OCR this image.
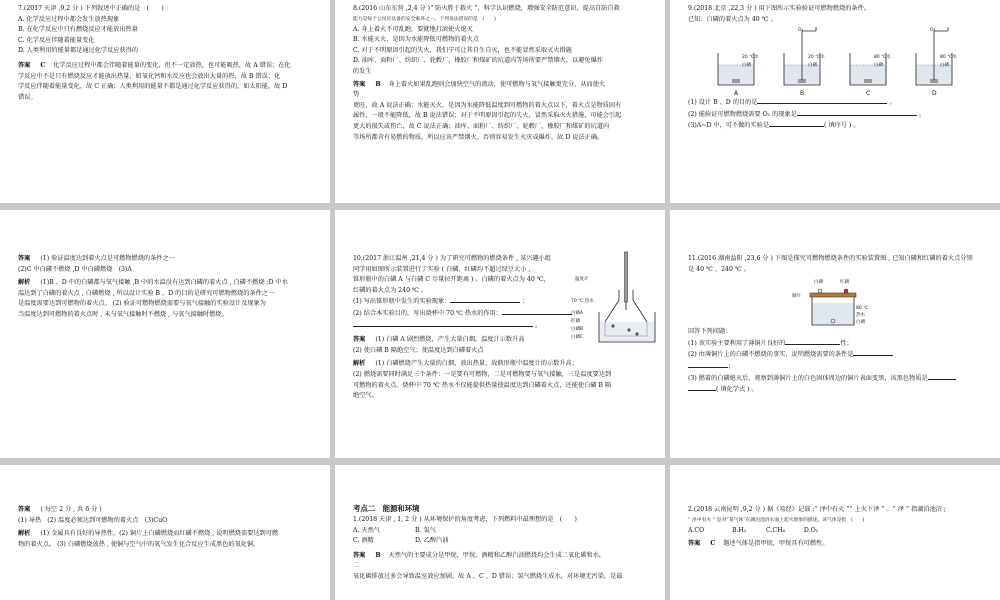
7.(2017 天津 ,9,2 分 ) 下列叙述中正确的是　(　　)

A. 化学反应过程中都会发生放热现象

B. 在化学反应中只有燃烧反应才能放出热量

C. 化学反应伴随着能量变化

D. 人类利用的能量都是通过化学反应获得的

答案 C 化学反应过程中都会伴随着能量的变化，但不一定放热，也可能吸热，故 A 错误；在化

学反应中不是只有燃烧反应才能放出热量，如氧化钙和水反应也会放出大量的热，故 B 错误；化

学反应伴随着能量变化，故 C 正确；人类利用的能量不都是通过化学反应获得的，如太阳能，故 D

错误。

8.(2016 山东东营 ,2,4 分 )“ 防火胜于救火 ”，科学认识燃烧，增强安全防范意识，提高自防自救

能力是每个公民应具备的安全素养之一。下列说法错误的是　(　　)

A. 身上着火不可乱跑，要就地打滚使火熄灭

B. 水能灭火，是因为水能降低可燃物的着火点

C. 对于不明原因引起的失火，我们宁可让其自生自灭，也不能冒然采取灭火措施

D. 油库、面粉厂、纺织厂、轮毂厂、橡胶厂和煤矿的坑道内等场所要严禁烟火，以避免爆炸

的发生

答案 B 身上着火如果乱跑则会加快空气的流动，使可燃物与氧气接触更充分，从而使火

势

更旺，故 A 说法正确；水能灭火，是因为水能降低温度到可燃物的着火点以下，着火点是物质固有

属性，一般不能降低，故 B 说法错误；对于不明原因引起的失火，冒然采取灭火措施，可能会引起

更大的损失或伤亡，故 C 说法正确；油库、面粉厂、纺织厂、轮毂厂、橡胶厂和煤矿的坑道内

等场所都含有易燃的物质，所以应该严禁烟火，否则容易发生火灾或爆炸，故 D 说法正确。

9.(2018 北京 ,22,3 分 ) 用下图所示实验验证可燃物燃烧的条件。

已知：白磷的着火点为 40 ℃ 。

20 ℃水
白磷
A
O₂
20 ℃水
白磷
B
80 ℃水
白磷
C
O₂
80 ℃水
白磷
D

(1) 设计 B 、D 的目的是	。

(2) 能验证可燃物燃烧需要 O₂ 的现象是	。

(3)A~D 中，可不做的实验是	( 填序号 ) 。

答案 (1) 验证温度达到着火点是可燃物燃烧的条件之一

(2)C 中白磷不燃烧 ,D 中白磷燃烧　(3)A

解析 (1)B 、D 中的白磷都与氧气接触 ,B 中的水温没有达到白磷的着火点 , 白磷不燃烧 ;D 中水

温达到了白磷的着火点 , 白磷燃烧 , 所以设计实验 B 、D 的目的是研究可燃物燃烧的条件之一

是温度需要达到可燃物的着火点。 (2) 验证可燃物燃烧需要与氧气接触的实验设计及现象为

当温度达到可燃物的着火点时 , 未与氧气接触时不燃烧 , 与氧气接触时燃烧。

10.(2017 浙江温州 ,21,4 分 ) 为了研究可燃物的燃烧条件 , 某兴趣小组

同学用如图所示装置进行了实验 ( 白磷、红磷均不超过绿豆大小 ,

锥形瓶中的白磷 A 与白磷 C 尽量拉开距离 ) 。白磷的着火点为 40 ℃,

红磷的着火点为 240 ℃ 。

(1) 写出锥形瓶中发生的实验现象：	；

(2) 结合本实验目的，写出烧杯中 70 ℃ 热水的作用：

。

温度计
70 ℃ 热水
白磷A
红磷
白磷B
白磷C

答案 (1) 白磷 A 剧烈燃烧，产生大量白烟，温度计示数升高

(2) 使白磷 B 隔绝空气；使温度达到白磷着火点

解析 (1) 白磷燃烧产生大量的白烟，放出热量，故瓶形瓶中温度计的示数升高；

(2) 燃烧需要同时满足三个条件：一是要有可燃物，二是可燃物要与氧气接触，三是温度要达到

可燃物的着火点。烧杯中 70 ℃ 热水不仅能提供热量使温度达到白磷着火点，还能使白磷 B 隔

绝空气。

11.(2016 湖南益阳 ,23,6 分 ) 下图是探究可燃物燃烧条件的实验装置图 , 已知白磷和红磷的着火点分别

是 40 ℃ 、240 ℃ 。

白磷	红磷
铜片
80 ℃
热水
白磷

回答下列问题：

(1) 该实验主要利用了薄铜片良好的	性；

(2) 由薄铜片上的白磷不燃烧的事实，说明燃烧需要的条件是

；

(3) 燃着的白磷熄灭后，观察到薄铜片上的白色固体周边的铜片表面变黑，该黑色物质是

( 填化学式 ) 。

答案 ( 每空 2 分 , 共 6 分 )

(1) 导热　(2) 温度必须达到可燃物的着火点　(3)CuO

解析 (1) 金属具有良好的导热性。(2) 铜片上白磷燃烧而红磷不燃烧 , 说明燃烧需要达到可燃

物的着火点。 (3) 白磷燃烧放热 , 使铜与空气中的氧气发生化合反应生成黑色的氧化铜。

考点二　能源和环境

1.(2018 天津 , 1, 2 分 ) 从环境保护的角度考虑，下列燃料中最理想的是　(　　)

A. 天然气	B. 氢气

C. 酒精	D. 乙醇汽油

答案 B 天然气的主要成分是甲烷，甲烷、酒精和乙醇汽油燃烧均会生成二氧化碳和水，

二

氧化碳排放过多会导致温室效应加剧，故 A 、C 、D 错误；氢气燃烧生成水，对环境无污染，是最

2.(2018 云南昆明 ,9,2 分 ) 据《易经》记载 :“ 泽中有火 ”“ 上火下泽 ” 。“ 泽 ” 指湖泊池沼 ;

“ 泽中有火 ” 是对“某气体”在湖泊池沼水面上起火现象的描述。该气体是指　(　　)

A.CO	B.H₂	C.CH₄	D.O₂

答案 C 题述气体是指甲烷，甲烷具有可燃性。
